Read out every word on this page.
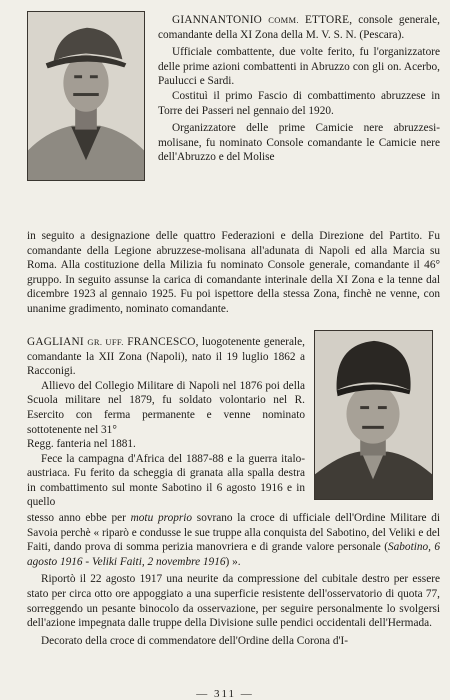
GIANNANTONIO COMM. ETTORE, console generale, comandante della XI Zona della M. V. S. N. (Pescara).

Ufficiale combattente, due volte ferito, fu l'organizzatore delle prime azioni combattenti in Abruzzo con gli on. Acerbo, Paulucci e Sardi.

Costituì il primo Fascio di combattimento abruzzese in Torre dei Passeri nel gennaio del 1920.

Organizzatore delle prime Camicie nere abruzzesi-molisane, fu nominato Console comandante le Camicie nere dell'Abruzzo e del Molise

in seguito a designazione delle quattro Federazioni e della Direzione del Partito. Fu comandante della Legione abruzzese-molisana all'adunata di Napoli ed alla Marcia su Roma. Alla costituzione della Milizia fu nominato Console generale, comandante il 46° gruppo. In seguito assunse la carica di comandante interinale della XI Zona e la tenne dal dicembre 1923 al gennaio 1925. Fu poi ispettore della stessa Zona, finchè ne venne, con unanime gradimento, nominato comandante.

GAGLIANI GR. UFF. FRANCESCO, luogotenente generale, comandante la XII Zona (Napoli), nato il 19 luglio 1862 a Racconigi.

Allievo del Collegio Militare di Napoli nel 1876 poi della Scuola militare nel 1879, fu soldato volontario nel R. Esercito con ferma permanente e venne nominato sottotenente nel 31°

Regg. fanteria nel 1881.

Fece la campagna d'Africa del 1887-88 e la guerra italo-austriaca. Fu ferito da scheggia di granata alla spalla destra in combattimento sul monte Sabotino il 6 agosto 1916 e in quello

stesso anno ebbe per motu proprio sovrano la croce di ufficiale dell'Ordine Militare di Savoia perchè « riparò e condusse le sue truppe alla conquista del Sabotino, del Veliki e del Faiti, dando prova di somma perizia manovriera e di grande valore personale (Sabotino, 6 agosto 1916 - Veliki Faiti, 2 novembre 1916) ».

Riportò il 22 agosto 1917 una neurite da compressione del cubitale destro per essere stato per circa otto ore appoggiato a una superficie resistente dell'osservatorio di quota 77, sorreggendo un pesante binocolo da osservazione, per seguire personalmente lo svolgersi dell'azione impegnata dalle truppe della Divisione sulle pendici occidentali dell'Hermada.

Decorato della croce di commendatore dell'Ordine della Corona d'I-

— 311 —
